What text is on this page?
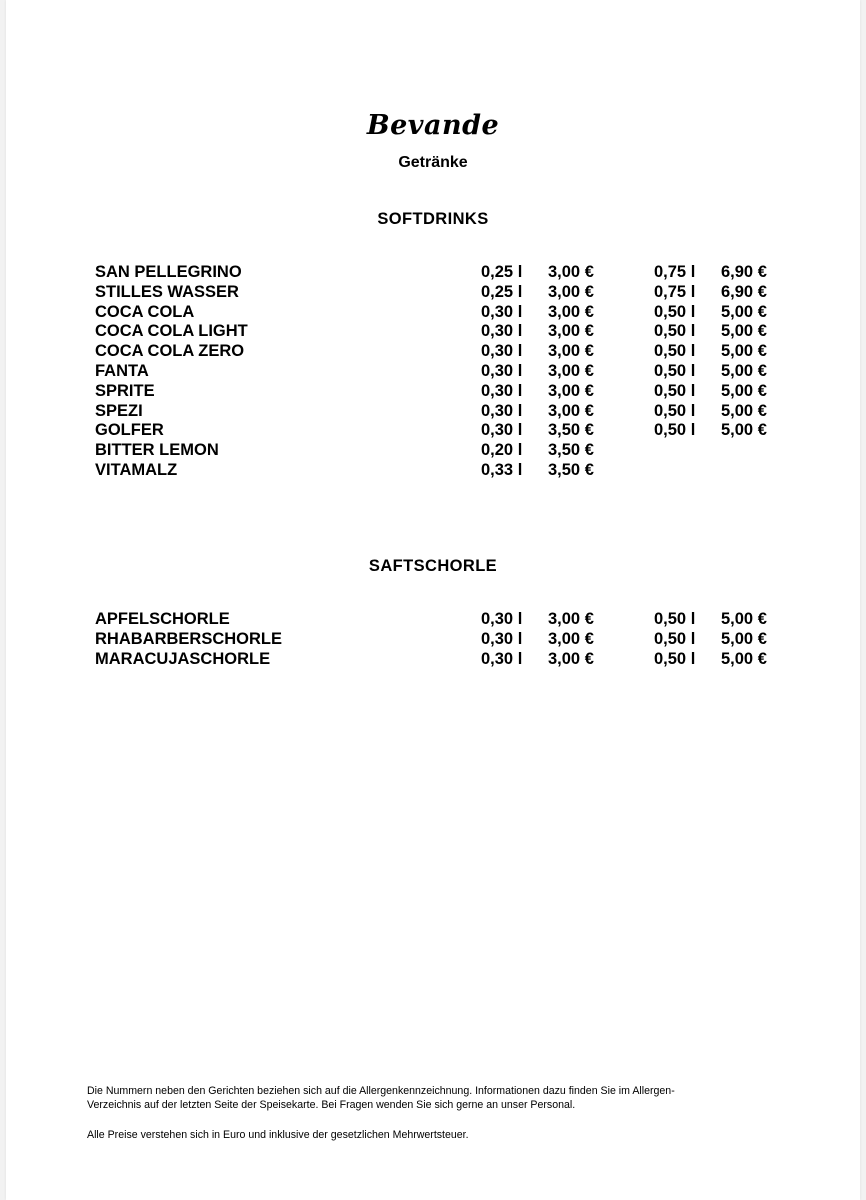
Bevande
Getränke
SOFTDRINKS
SAN PELLEGRINO	0,25 l 3,00 €	0,75 l 6,90 €
STILLES WASSER	0,25 l 3,00 €	0,75 l 6,90 €
COCA COLA	0,30 l 3,00 €	0,50 l 5,00 €
COCA COLA LIGHT	0,30 l 3,00 €	0,50 l 5,00 €
COCA COLA ZERO	0,30 l 3,00 €	0,50 l 5,00 €
FANTA	0,30 l 3,00 €	0,50 l 5,00 €
SPRITE	0,30 l 3,00 €	0,50 l 5,00 €
SPEZI	0,30 l 3,00 €	0,50 l 5,00 €
GOLFER	0,30 l 3,50 €	0,50 l 5,00 €
BITTER LEMON	0,20 l 3,50 €
VITAMALZ	0,33 l 3,50 €
SAFTSCHORLE
APFELSCHORLE	0,30 l 3,00 €	0,50 l 5,00 €
RHABARBERSCHORLE	0,30 l 3,00 €	0,50 l 5,00 €
MARACUJASCHORLE	0,30 l 3,00 €	0,50 l 5,00 €
Die Nummern neben den Gerichten beziehen sich auf die Allergenkennzeichnung. Informationen dazu finden Sie im Allergen-
Verzeichnis auf der letzten Seite der Speisekarte. Bei Fragen wenden Sie sich gerne an unser Personal.
Alle Preise verstehen sich in Euro und inklusive der gesetzlichen Mehrwertsteuer.
